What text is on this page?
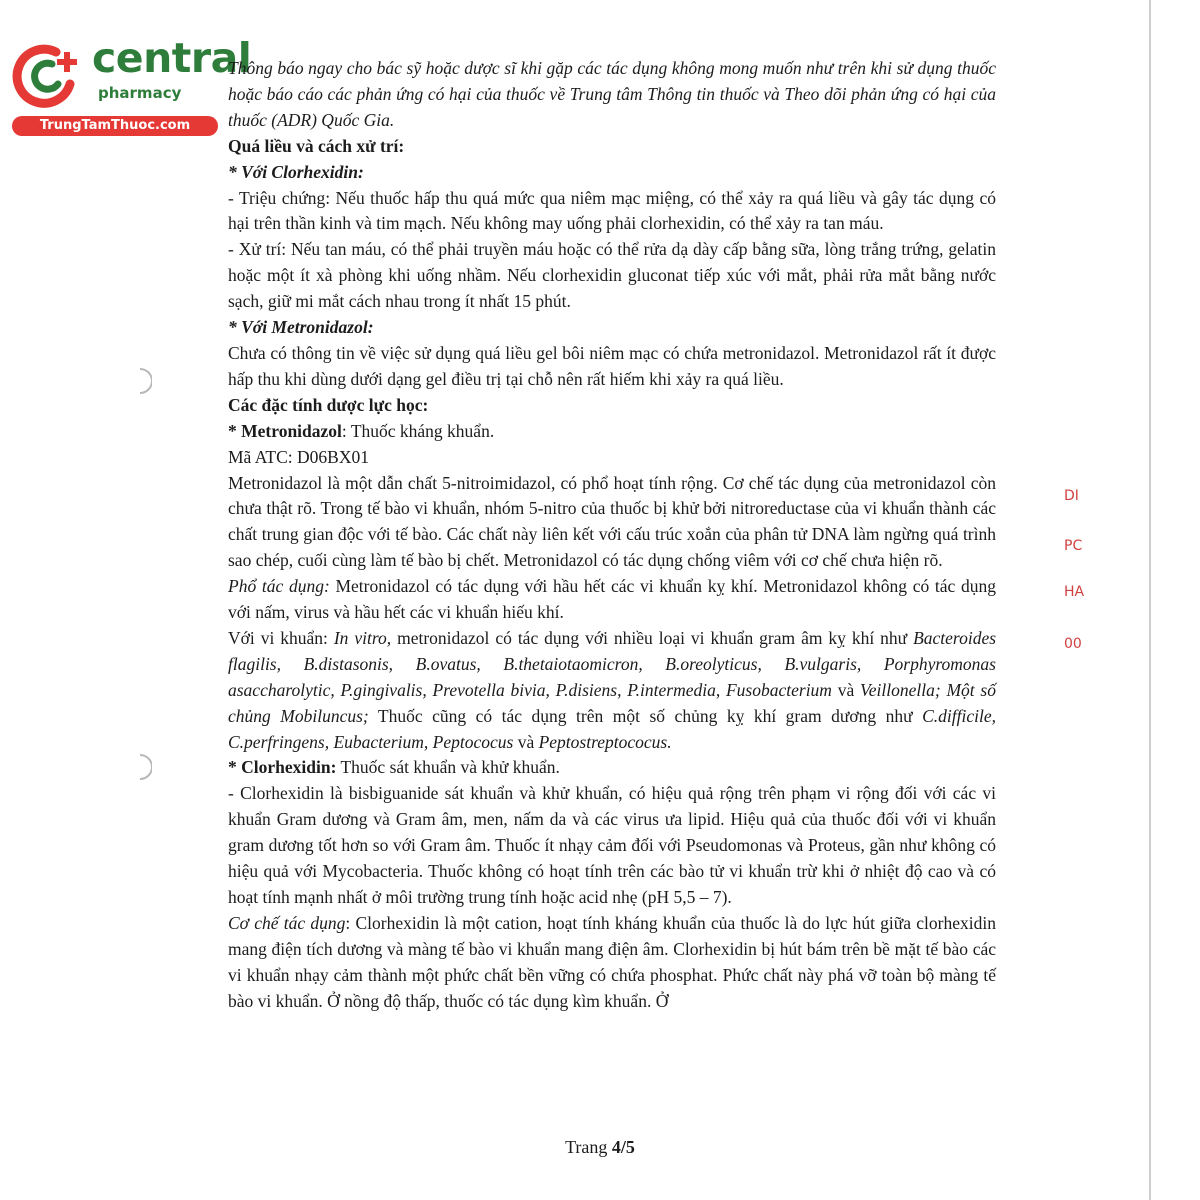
central
pharmacy
TrungTamThuoc.com
DI
PC
HA
00

Thông báo ngay cho bác sỹ hoặc dược sĩ khi gặp các tác dụng không mong muốn như trên khi sử dụng thuốc hoặc báo cáo các phản ứng có hại của thuốc về Trung tâm Thông tin thuốc và Theo dõi phản ứng có hại của thuốc (ADR) Quốc Gia.

Quá liều và cách xử trí:

* Với Clorhexidin:

- Triệu chứng: Nếu thuốc hấp thu quá mức qua niêm mạc miệng, có thể xảy ra quá liều và gây tác dụng có hại trên thần kinh và tim mạch. Nếu không may uống phải clorhexidin, có thể xảy ra tan máu.

- Xử trí: Nếu tan máu, có thể phải truyền máu hoặc có thể rửa dạ dày cấp bằng sữa, lòng trắng trứng, gelatin hoặc một ít xà phòng khi uống nhầm. Nếu clorhexidin gluconat tiếp xúc với mắt, phải rửa mắt bằng nước sạch, giữ mi mắt cách nhau trong ít nhất 15 phút.

* Với Metronidazol:

Chưa có thông tin về việc sử dụng quá liều gel bôi niêm mạc có chứa metronidazol. Metronidazol rất ít được hấp thu khi dùng dưới dạng gel điều trị tại chỗ nên rất hiếm khi xảy ra quá liều.

Các đặc tính dược lực học:

* Metronidazol: Thuốc kháng khuẩn.

Mã ATC: D06BX01

Metronidazol là một dẫn chất 5-nitroimidazol, có phổ hoạt tính rộng. Cơ chế tác dụng của metronidazol còn chưa thật rõ. Trong tế bào vi khuẩn, nhóm 5-nitro của thuốc bị khử bởi nitroreductase của vi khuẩn thành các chất trung gian độc với tế bào. Các chất này liên kết với cấu trúc xoắn của phân tử DNA làm ngừng quá trình sao chép, cuối cùng làm tế bào bị chết. Metronidazol có tác dụng chống viêm với cơ chế chưa hiện rõ.

Phổ tác dụng: Metronidazol có tác dụng với hầu hết các vi khuẩn kỵ khí. Metronidazol không có tác dụng với nấm, virus và hầu hết các vi khuẩn hiếu khí.

Với vi khuẩn: In vitro, metronidazol có tác dụng với nhiều loại vi khuẩn gram âm kỵ khí như Bacteroides flagilis, B.distasonis, B.ovatus, B.thetaiotaomicron, B.oreolyticus, B.vulgaris, Porphyromonas asaccharolytic, P.gingivalis, Prevotella bivia, P.disiens, P.intermedia, Fusobacterium và Veillonella; Một số chủng Mobiluncus; Thuốc cũng có tác dụng trên một số chủng kỵ khí gram dương như C.difficile, C.perfringens, Eubacterium, Peptococus và Peptostreptococus.

* Clorhexidin: Thuốc sát khuẩn và khử khuẩn.

- Clorhexidin là bisbiguanide sát khuẩn và khử khuẩn, có hiệu quả rộng trên phạm vi rộng đối với các vi khuẩn Gram dương và Gram âm, men, nấm da và các virus ưa lipid. Hiệu quả của thuốc đối với vi khuẩn gram dương tốt hơn so với Gram âm. Thuốc ít nhạy cảm đối với Pseudomonas và Proteus, gần như không có hiệu quả với Mycobacteria. Thuốc không có hoạt tính trên các bào tử vi khuẩn trừ khi ở nhiệt độ cao và có hoạt tính mạnh nhất ở môi trường trung tính hoặc acid nhẹ (pH 5,5 – 7).

Cơ chế tác dụng: Clorhexidin là một cation, hoạt tính kháng khuẩn của thuốc là do lực hút giữa clorhexidin mang điện tích dương và màng tế bào vi khuẩn mang điện âm. Clorhexidin bị hút bám trên bề mặt tế bào các vi khuẩn nhạy cảm thành một phức chất bền vững có chứa phosphat. Phức chất này phá vỡ toàn bộ màng tế bào vi khuẩn. Ở nồng độ thấp, thuốc có tác dụng kìm khuẩn. Ở

Trang 4/5
